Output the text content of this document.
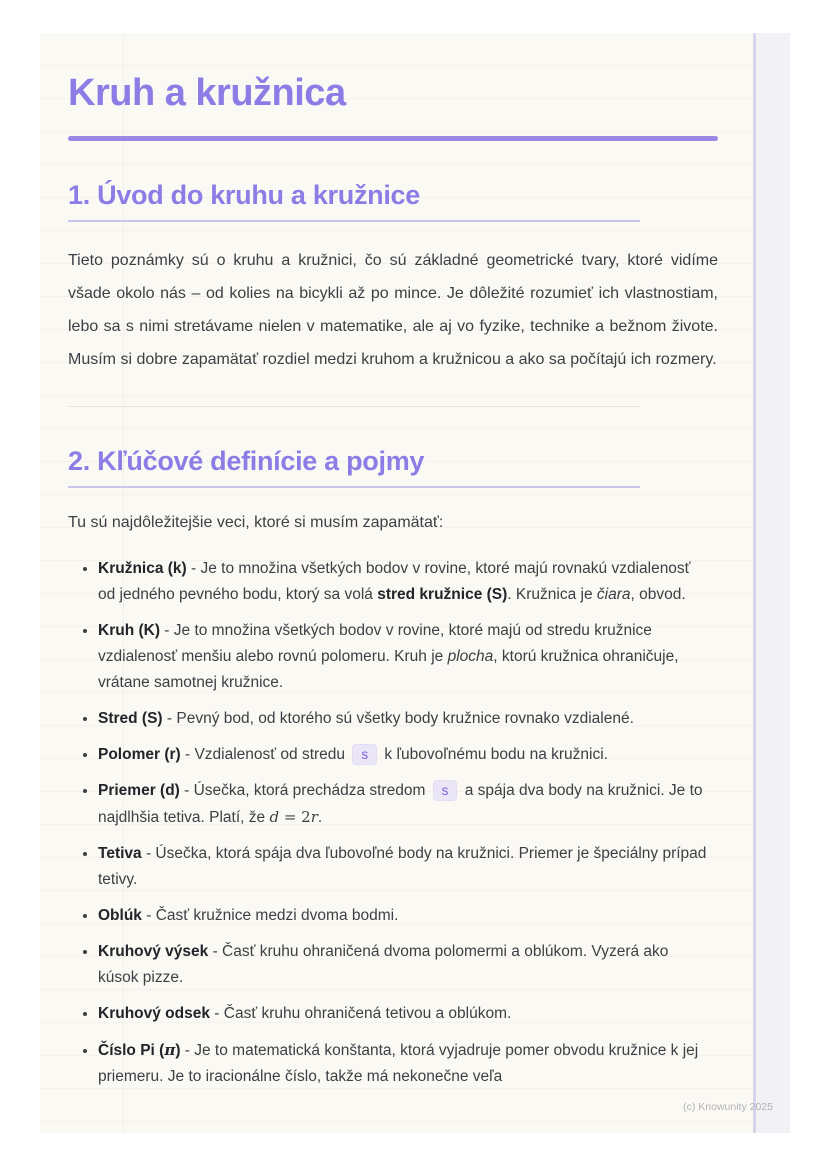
Kruh a kružnica
1. Úvod do kruhu a kružnice

Tieto poznámky sú o kruhu a kružnici, čo sú základné geometrické tvary, ktoré vidíme všade okolo nás – od kolies na bicykli až po mince. Je dôležité rozumieť ich vlastnostiam, lebo sa s nimi stretávame nielen v matematike, ale aj vo fyzike, technike a bežnom živote. Musím si dobre zapamätať rozdiel medzi kruhom a kružnicou a ako sa počítajú ich rozmery.

2. Kľúčové definície a pojmy

Tu sú najdôležitejšie veci, ktoré si musím zapamätať:

• Kružnica (k) - Je to množina všetkých bodov v rovine, ktoré majú rovnakú vzdialenosť od jedného pevného bodu, ktorý sa volá stred kružnice (S). Kružnica je čiara, obvod.
• Kruh (K) - Je to množina všetkých bodov v rovine, ktoré majú od stredu kružnice vzdialenosť menšiu alebo rovnú polomeru. Kruh je plocha, ktorú kružnica ohraničuje, vrátane samotnej kružnice.
• Stred (S) - Pevný bod, od ktorého sú všetky body kružnice rovnako vzdialené.
• Polomer (r) - Vzdialenosť od stredu s k ľubovoľnému bodu na kružnici.
• Priemer (d) - Úsečka, ktorá prechádza stredom s a spája dva body na kružnici. Je to najdlhšia tetiva. Platí, že d = 2r.
• Tetiva - Úsečka, ktorá spája dva ľubovoľné body na kružnici. Priemer je špeciálny prípad tetivy.
• Oblúk - Časť kružnice medzi dvoma bodmi.
• Kruhový výsek - Časť kruhu ohraničená dvoma polomermi a oblúkom. Vyzerá ako kúsok pizze.
• Kruhový odsek - Časť kruhu ohraničená tetivou a oblúkom.
• Číslo Pi (π) - Je to matematická konštanta, ktorá vyjadruje pomer obvodu kružnice k jej priemeru. Je to iracionálne číslo, takže má nekonečne veľa
(c) Knowunity 2025
